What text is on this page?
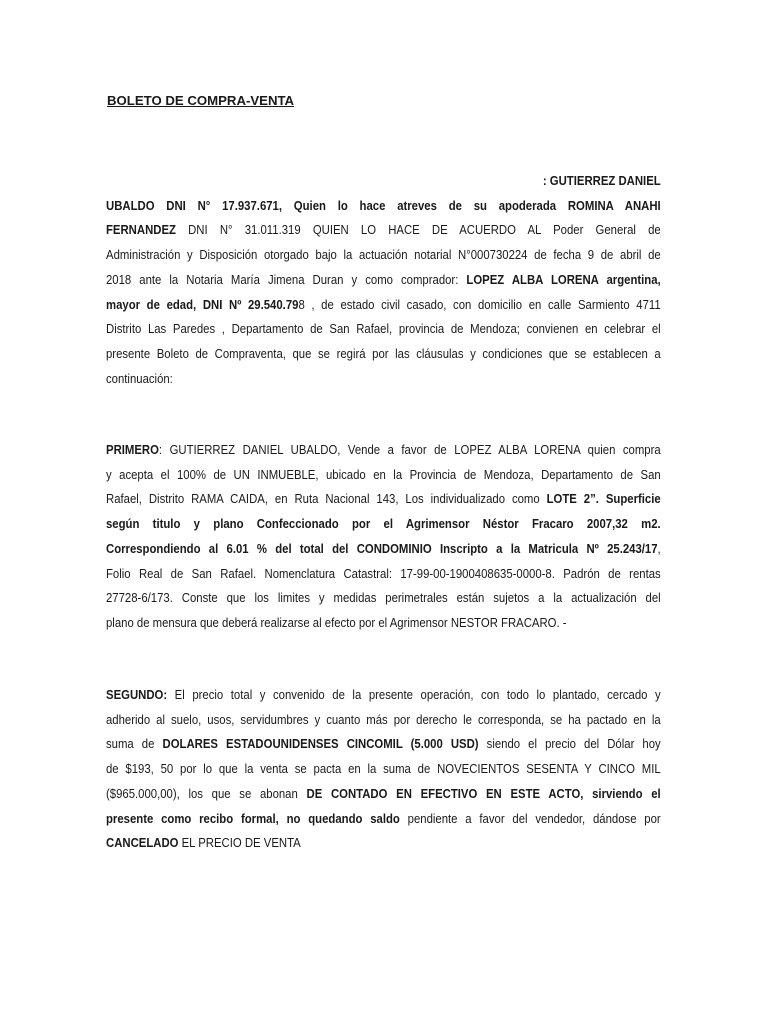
BOLETO DE COMPRA-VENTA
: GUTIERREZ DANIEL
UBALDO DNI N° 17.937.671, Quien lo hace atreves de su apoderada ROMINA ANAHI
FERNANDEZ DNI N° 31.011.319 QUIEN LO HACE DE ACUERDO AL Poder General de
Administración y Disposición otorgado bajo la actuación notarial N°000730224 de fecha 9 de abril de
2018 ante la Notaria María Jimena Duran y como comprador: LOPEZ ALBA LORENA argentina,
mayor de edad, DNI Nº 29.540.798 , de estado civil casado, con domicilio en calle Sarmiento 4711
Distrito Las Paredes , Departamento de San Rafael, provincia de Mendoza; convienen en celebrar el
presente Boleto de Compraventa, que se regirá por las cláusulas y condiciones que se establecen a
continuación:
PRIMERO: GUTIERREZ DANIEL UBALDO, Vende a favor de LOPEZ ALBA LORENA quien compra
y acepta el 100% de UN INMUEBLE, ubicado en la Provincia de Mendoza, Departamento de San
Rafael, Distrito RAMA CAIDA, en Ruta Nacional 143, Los individualizado como LOTE 2”. Superficie
según titulo y plano Confeccionado por el Agrimensor Néstor Fracaro 2007,32 m2.
Correspondiendo al 6.01 % del total del CONDOMINIO Inscripto a la Matricula Nº 25.243/17,
Folio Real de San Rafael. Nomenclatura Catastral: 17-99-00-1900408635-0000-8. Padrón de rentas
27728-6/173. Conste que los limites y medidas perimetrales están sujetos a la actualización del
plano de mensura que deberá realizarse al efecto por el Agrimensor NESTOR FRACARO. -
SEGUNDO: El precio total y convenido de la presente operación, con todo lo plantado, cercado y
adherido al suelo, usos, servidumbres y cuanto más por derecho le corresponda, se ha pactado en la
suma de DOLARES ESTADOUNIDENSES CINCOMIL (5.000 USD) siendo el precio del Dólar hoy
de $193, 50 por lo que la venta se pacta en la suma de NOVECIENTOS SESENTA Y CINCO MIL
($965.000,00), los que se abonan DE CONTADO EN EFECTIVO EN ESTE ACTO, sirviendo el
presente como recibo formal, no quedando saldo pendiente a favor del vendedor, dándose por
CANCELADO EL PRECIO DE VENTA
